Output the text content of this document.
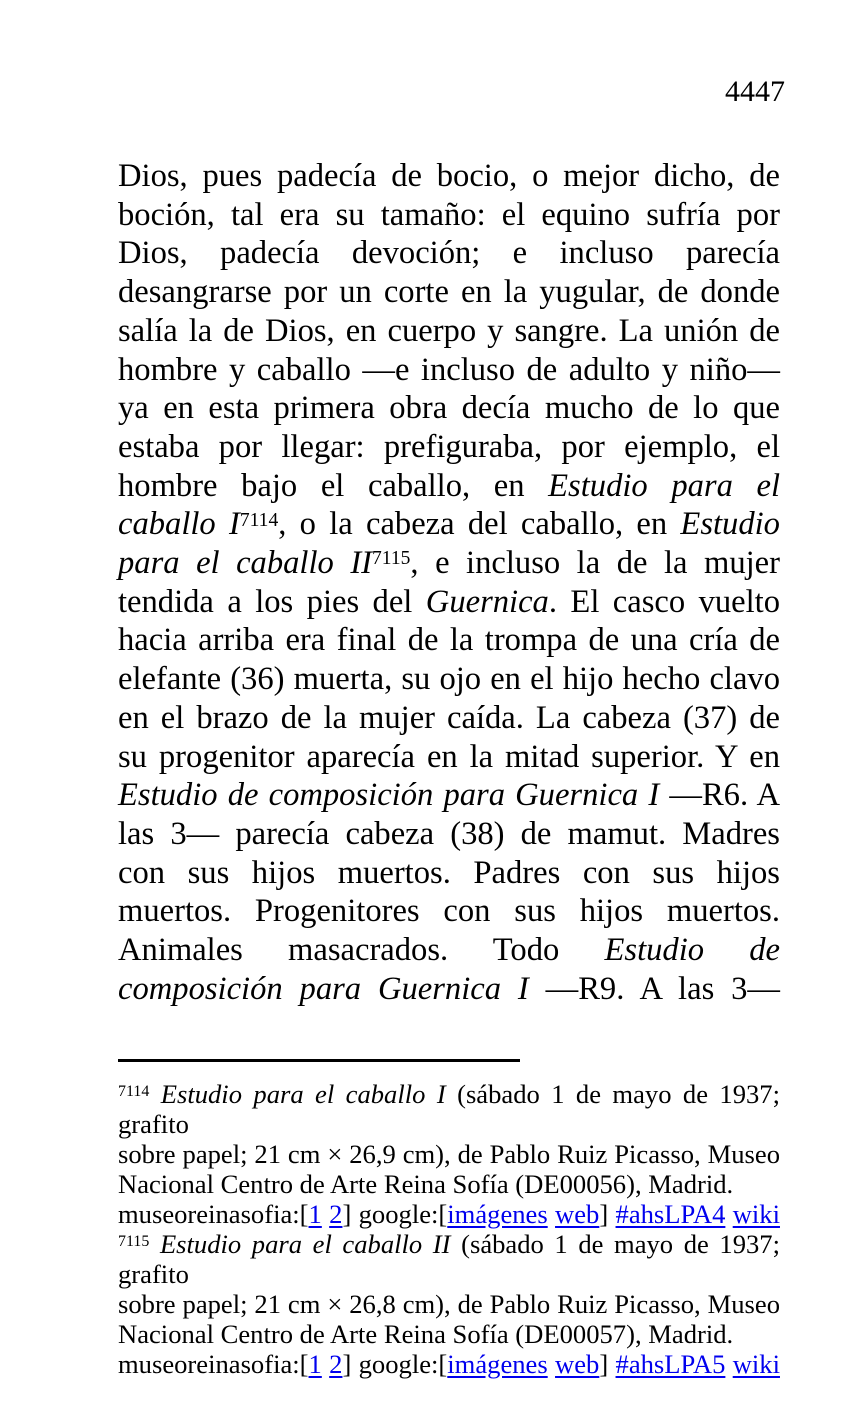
4447
Dios, pues padecía de bocio, o mejor dicho, de
boción, tal era su tamaño: el equino sufría por
Dios, padecía devoción; e incluso parecía
desangrarse por un corte en la yugular, de donde
salía la de Dios, en cuerpo y sangre. La unión de
hombre y caballo —e incluso de adulto y niño—
ya en esta primera obra decía mucho de lo que
estaba por llegar: prefiguraba, por ejemplo, el
hombre bajo el caballo, en Estudio para el
caballo $I^{7114}$, o la cabeza del caballo, en Estudio
para el caballo $II^{7115}$, e incluso la de la mujer
tendida a los pies del Guernica. El casco vuelto
hacia arriba era final de la trompa de una cría de
elefante (36) muerta, su ojo en el hijo hecho clavo
en el brazo de la mujer caída. La cabeza (37) de
su progenitor aparecía en la mitad superior. Y en
Estudio de composición para Guernica I —R6. A
las 3— parecía cabeza (38) de mamut. Madres
con sus hijos muertos. Padres con sus hijos
muertos. Progenitores con sus hijos muertos.
Animales masacrados. Todo Estudio de
composición para Guernica I —R9. A las 3—
$^{7114}$ Estudio para el caballo I (sábado 1 de mayo de 1937; grafito
sobre papel; 21 cm × 26,9 cm), de Pablo Ruiz Picasso, Museo
Nacional Centro de Arte Reina Sofía (DE00056), Madrid.
museoreinasofia:[1 2] google:[imágenes web] #ahsLPA4 wiki
$^{7115}$ Estudio para el caballo II (sábado 1 de mayo de 1937; grafito
sobre papel; 21 cm × 26,8 cm), de Pablo Ruiz Picasso, Museo
Nacional Centro de Arte Reina Sofía (DE00057), Madrid.
museoreinasofia:[1 2] google:[imágenes web] #ahsLPA5 wiki
